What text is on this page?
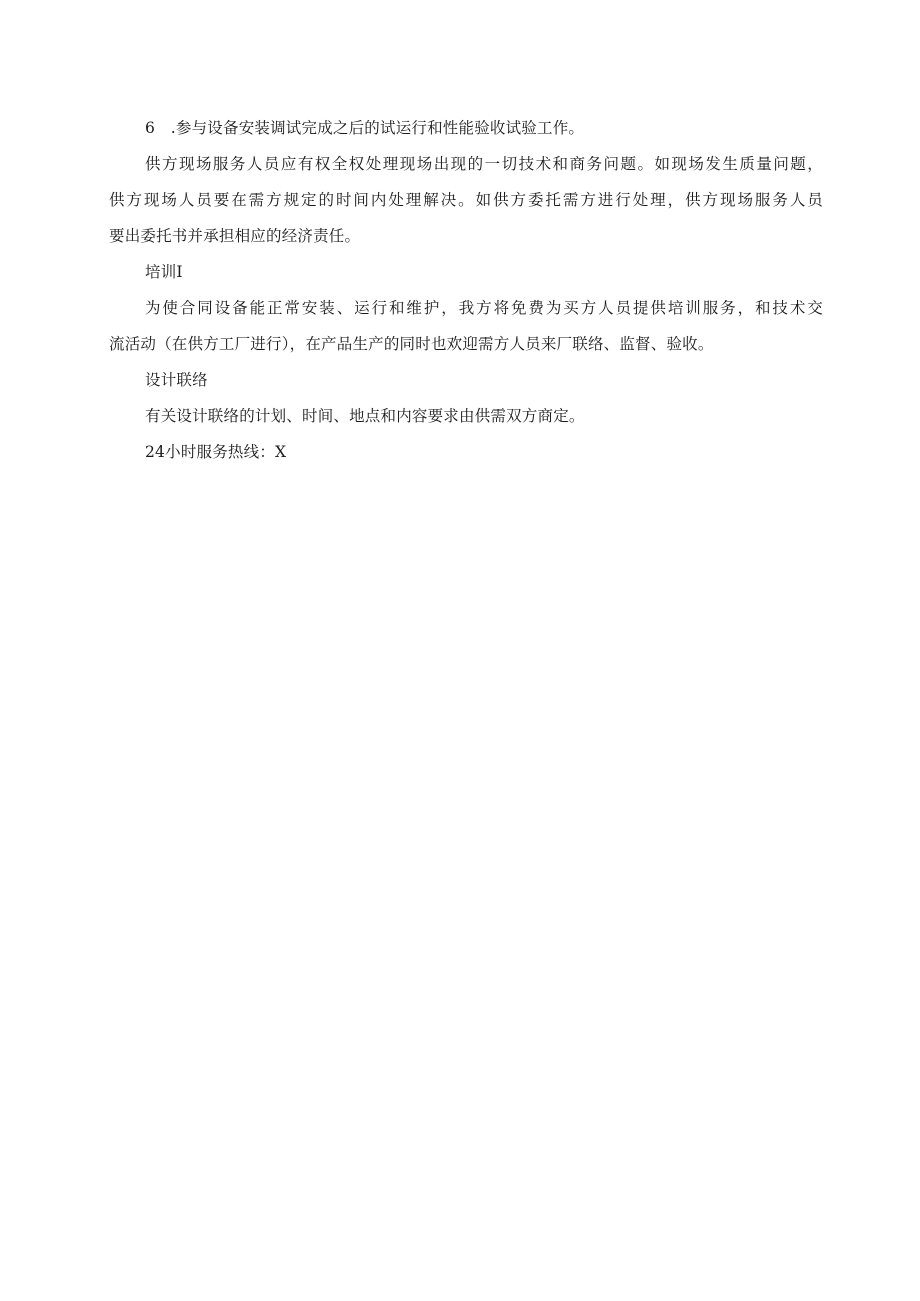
6　.参与设备安装调试完成之后的试运行和性能验收试验工作。
供方现场服务人员应有权全权处理现场出现的一切技术和商务问题。如现场发生质量问题，
供方现场人员要在需方规定的时间内处理解决。如供方委托需方进行处理，供方现场服务人员
要出委托书并承担相应的经济责任。
培训Ⅰ
为使合同设备能正常安装、运行和维护，我方将免费为买方人员提供培训服务，和技术交
流活动（在供方工厂进行），在产品生产的同时也欢迎需方人员来厂联络、监督、验收。
设计联络
有关设计联络的计划、时间、地点和内容要求由供需双方商定。
24小时服务热线：X
